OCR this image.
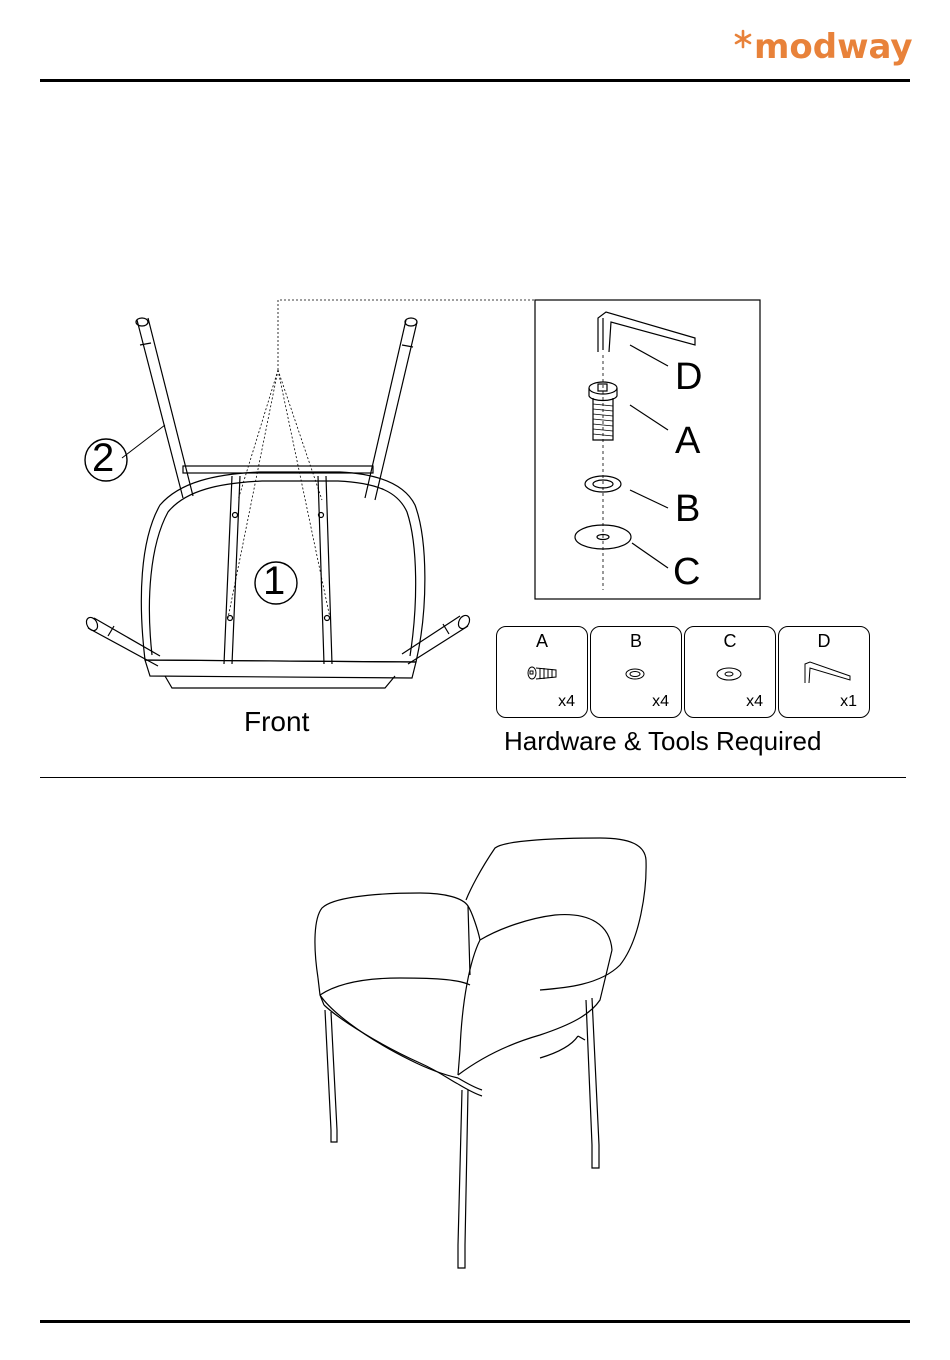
modway
2
1
D
A
B
C
Front
A
x4
B
x4
C
x4
D
x1
Hardware & Tools Required
